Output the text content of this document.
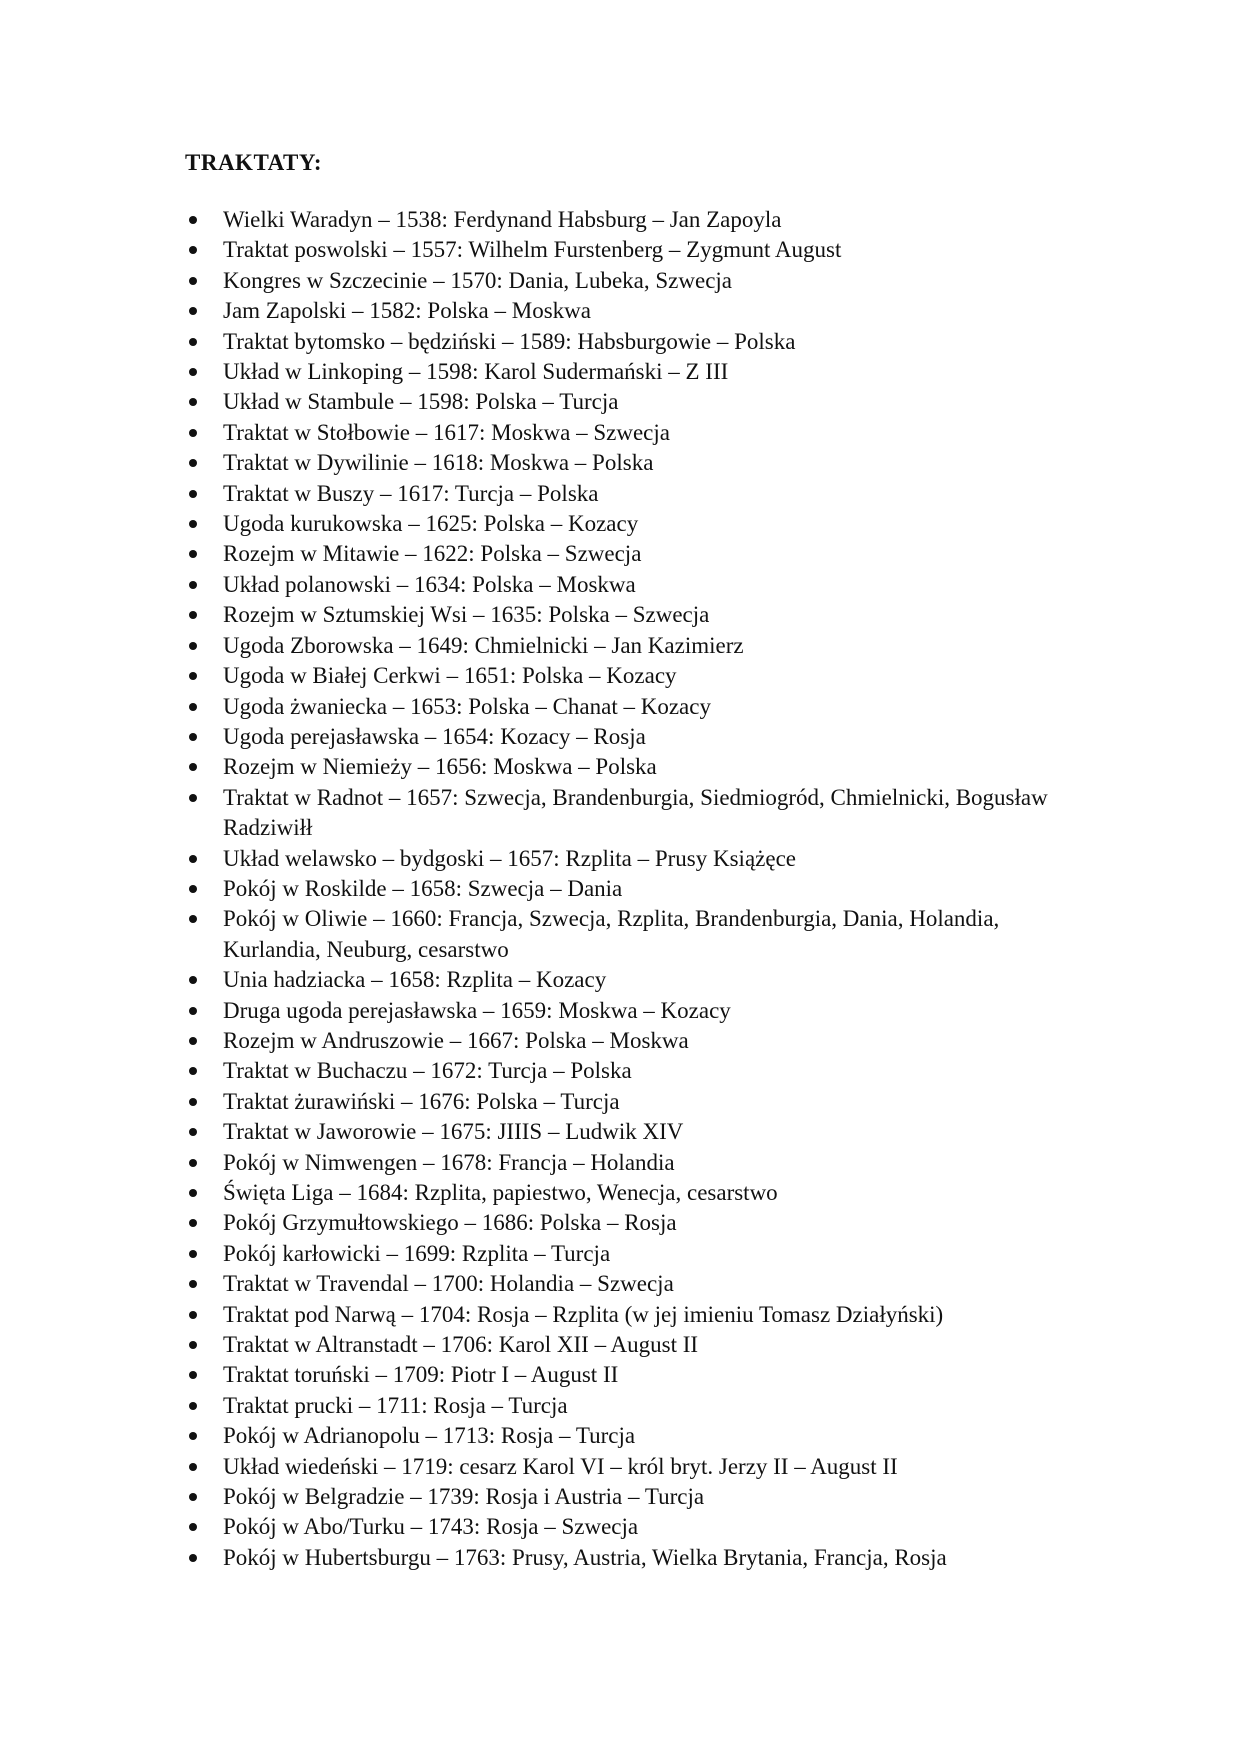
TRAKTATY:
Wielki Waradyn – 1538: Ferdynand Habsburg – Jan Zapoyla
Traktat poswolski – 1557: Wilhelm Furstenberg – Zygmunt August
Kongres w Szczecinie – 1570: Dania, Lubeka, Szwecja
Jam Zapolski – 1582: Polska – Moskwa
Traktat bytomsko – będziński – 1589: Habsburgowie – Polska
Układ w Linkoping – 1598: Karol Sudermański – Z III
Układ w Stambule – 1598: Polska – Turcja
Traktat w Stołbowie – 1617: Moskwa – Szwecja
Traktat w Dywilinie – 1618: Moskwa – Polska
Traktat w Buszy – 1617: Turcja – Polska
Ugoda kurukowska – 1625: Polska – Kozacy
Rozejm w Mitawie – 1622: Polska – Szwecja
Układ polanowski – 1634: Polska – Moskwa
Rozejm w Sztumskiej Wsi – 1635: Polska – Szwecja
Ugoda Zborowska – 1649: Chmielnicki – Jan Kazimierz
Ugoda w Białej Cerkwi – 1651: Polska – Kozacy
Ugoda żwaniecka – 1653: Polska – Chanat – Kozacy
Ugoda perejasławska – 1654: Kozacy – Rosja
Rozejm w Niemieży – 1656: Moskwa – Polska
Traktat w Radnot – 1657: Szwecja, Brandenburgia, Siedmiogród, Chmielnicki, Bogusław Radziwiłł
Układ welawsko – bydgoski – 1657: Rzplita – Prusy Książęce
Pokój w Roskilde – 1658: Szwecja – Dania
Pokój w Oliwie – 1660: Francja, Szwecja, Rzplita, Brandenburgia, Dania, Holandia, Kurlandia, Neuburg, cesarstwo
Unia hadziacka – 1658: Rzplita – Kozacy
Druga ugoda perejasławska – 1659: Moskwa – Kozacy
Rozejm w Andruszowie – 1667: Polska – Moskwa
Traktat w Buchaczu – 1672: Turcja – Polska
Traktat żurawiński – 1676: Polska – Turcja
Traktat w Jaworowie – 1675: JIIIS – Ludwik XIV
Pokój w Nimwengen – 1678: Francja – Holandia
Święta Liga – 1684: Rzplita, papiestwo, Wenecja, cesarstwo
Pokój Grzymułtowskiego – 1686: Polska – Rosja
Pokój karłowicki – 1699: Rzplita – Turcja
Traktat w Travendal – 1700: Holandia – Szwecja
Traktat pod Narwą – 1704: Rosja – Rzplita (w jej imieniu Tomasz Działyński)
Traktat w Altranstadt – 1706: Karol XII – August II
Traktat toruński – 1709: Piotr I – August II
Traktat prucki – 1711: Rosja – Turcja
Pokój w Adrianopolu – 1713: Rosja – Turcja
Układ wiedeński – 1719: cesarz Karol VI – król bryt. Jerzy II – August II
Pokój w Belgradzie – 1739: Rosja i Austria – Turcja
Pokój w Abo/Turku – 1743: Rosja – Szwecja
Pokój w Hubertsburgu – 1763: Prusy, Austria, Wielka Brytania, Francja, Rosja
